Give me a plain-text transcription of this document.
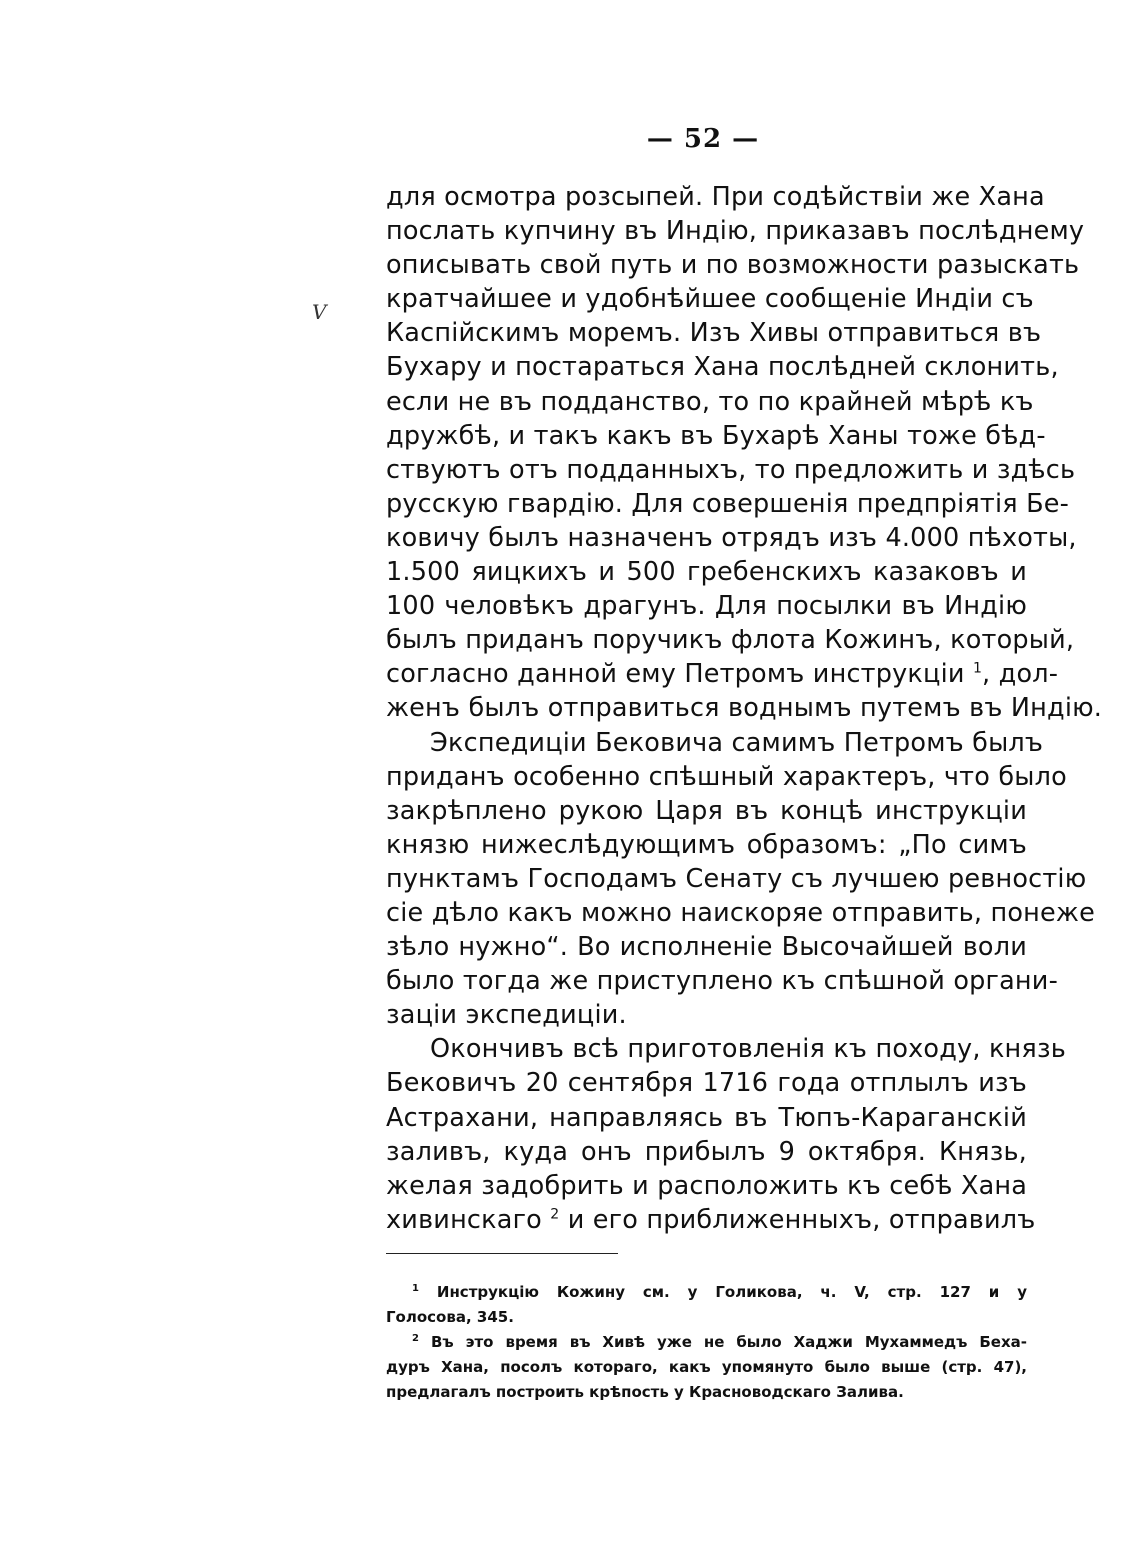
— 52 —
V
для осмотра розсыпей. При содѣйствіи же Хана
послать купчину въ Индію, приказавъ послѣднему
описывать свой путь и по возможности разыскать
кратчайшее и удобнѣйшее сообщеніе Индіи съ
Каспійскимъ моремъ. Изъ Хивы отправиться въ
Бухару и постараться Хана послѣдней склонить,
если не въ подданство, то по крайней мѣрѣ къ
дружбѣ, и такъ какъ въ Бухарѣ Ханы тоже бѣд-
ствуютъ отъ подданныхъ, то предложить и здѣсь
русскую гвардію. Для совершенія предпріятія Бе-
ковичу былъ назначенъ отрядъ изъ 4.000 пѣхоты,
1.500 яицкихъ и 500 гребенскихъ казаковъ и
100 человѣкъ драгунъ. Для посылки въ Индію
былъ приданъ поручикъ флота Кожинъ, который,
согласно данной ему Петромъ инструкціи $^1$, дол-
женъ былъ отправиться воднымъ путемъ въ Индію.
Экспедиціи Бековича самимъ Петромъ былъ
приданъ особенно спѣшный характеръ, что было
закрѣплено рукою Царя въ концѣ инструкціи
князю нижеслѣдующимъ образомъ: „По симъ
пунктамъ Господамъ Сенату съ лучшею ревностію
сіе дѣло какъ можно наискоряе отправить, понеже
зѣло нужно“. Во исполненіе Высочайшей воли
было тогда же приступлено къ спѣшной органи-
заціи экспедиціи.
Окончивъ всѣ приготовленія къ походу, князь
Бековичъ 20 сентября 1716 года отплылъ изъ
Астрахани, направляясь въ Тюпъ-Караганскій
заливъ, куда онъ прибылъ 9 октября. Князь,
желая задобрить и расположить къ себѣ Хана
хивинскаго $^2$ и его приближенныхъ, отправилъ
$^1$ Инструкцію Кожину см. у Голикова, ч. V, стр. 127 и у
Голосова, 345.
$^2$ Въ это время въ Хивѣ уже не было Хаджи Мухаммедъ Беха-
дуръ Хана, посолъ котораго, какъ упомянуто было выше (стр. 47),
предлагалъ построить крѣпость у Красноводскаго Залива.
